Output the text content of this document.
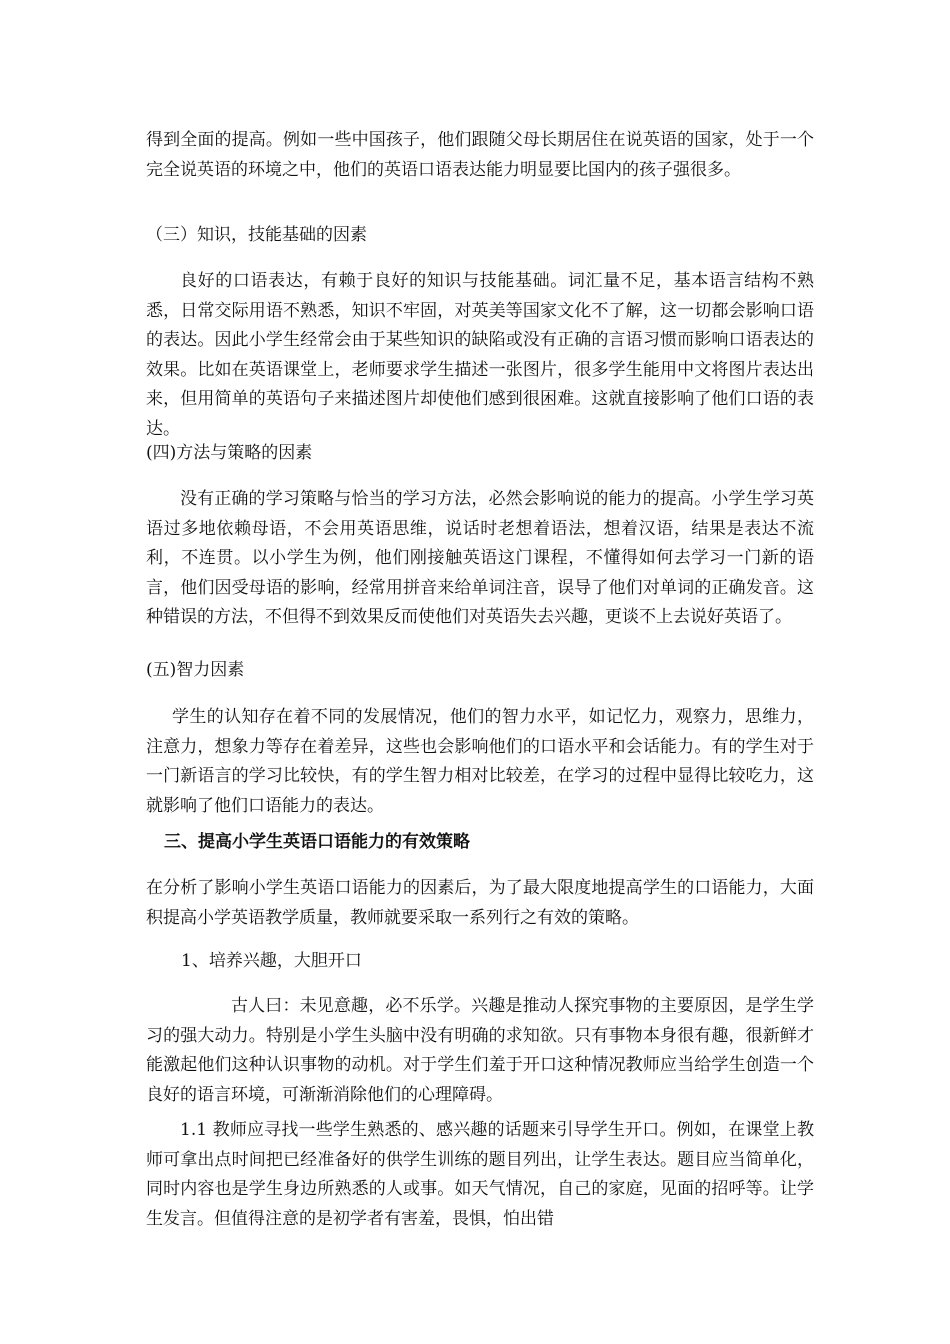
得到全面的提高。例如一些中国孩子，他们跟随父母长期居住在说英语的国家，处于一个完全说英语的环境之中，他们的英语口语表达能力明显要比国内的孩子强很多。

（三）知识，技能基础的因素

良好的口语表达，有赖于良好的知识与技能基础。词汇量不足，基本语言结构不熟悉，日常交际用语不熟悉，知识不牢固，对英美等国家文化不了解，这一切都会影响口语的表达。因此小学生经常会由于某些知识的缺陷或没有正确的言语习惯而影响口语表达的效果。比如在英语课堂上，老师要求学生描述一张图片，很多学生能用中文将图片表达出来，但用简单的英语句子来描述图片却使他们感到很困难。这就直接影响了他们口语的表达。

(四)方法与策略的因素

没有正确的学习策略与恰当的学习方法，必然会影响说的能力的提高。小学生学习英语过多地依赖母语，不会用英语思维，说话时老想着语法，想着汉语，结果是表达不流利，不连贯。以小学生为例，他们刚接触英语这门课程，不懂得如何去学习一门新的语言，他们因受母语的影响，经常用拼音来给单词注音，误导了他们对单词的正确发音。这种错误的方法，不但得不到效果反而使他们对英语失去兴趣，更谈不上去说好英语了。

(五)智力因素

学生的认知存在着不同的发展情况，他们的智力水平，如记忆力，观察力，思维力，注意力，想象力等存在着差异，这些也会影响他们的口语水平和会话能力。有的学生对于一门新语言的学习比较快，有的学生智力相对比较差，在学习的过程中显得比较吃力，这就影响了他们口语能力的表达。

三、提高小学生英语口语能力的有效策略

在分析了影响小学生英语口语能力的因素后，为了最大限度地提高学生的口语能力，大面积提高小学英语教学质量，教师就要采取一系列行之有效的策略。

1、培养兴趣，大胆开口

古人曰：未见意趣，必不乐学。兴趣是推动人探究事物的主要原因，是学生学习的强大动力。特别是小学生头脑中没有明确的求知欲。只有事物本身很有趣，很新鲜才能激起他们这种认识事物的动机。对于学生们羞于开口这种情况教师应当给学生创造一个良好的语言环境，可渐渐消除他们的心理障碍。

1.1 教师应寻找一些学生熟悉的、感兴趣的话题来引导学生开口。例如，在课堂上教师可拿出点时间把已经准备好的供学生训练的题目列出，让学生表达。题目应当简单化，同时内容也是学生身边所熟悉的人或事。如天气情况，自己的家庭，见面的招呼等。让学生发言。但值得注意的是初学者有害羞，畏惧，怕出错
